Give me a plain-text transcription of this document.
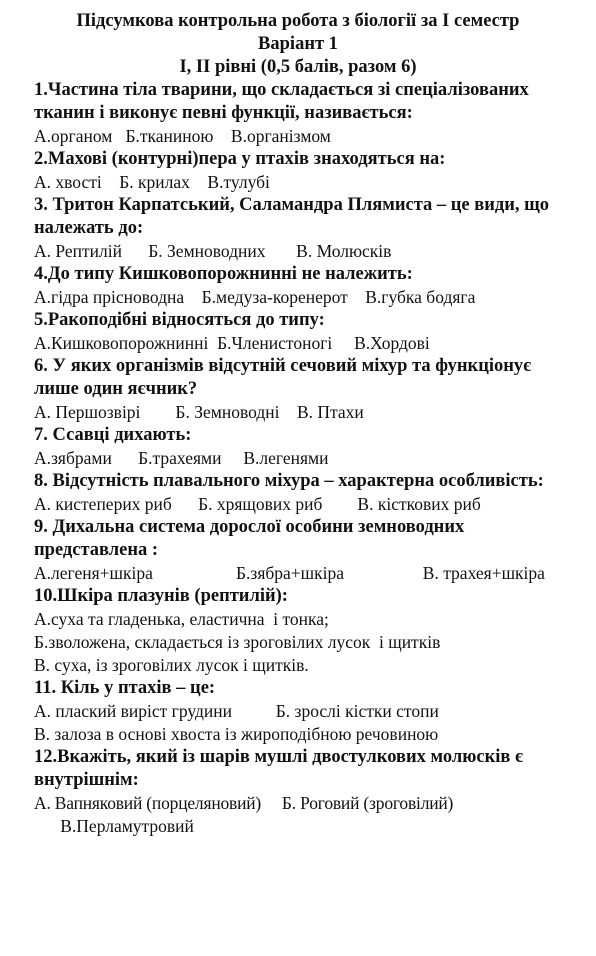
Підсумкова контрольна робота з біології за I семестр
Варіант 1
I, II рівні (0,5 балів, разом 6)
1.Частина тіла тварини, що складається зі спеціалізованих тканин і виконує певні функції, називається:
А.органом   Б.тканиною    В.організмом
2.Махові (контурні)пера у птахів знаходяться на:
А. хвості    Б. крилах    В.тулубі
3. Тритон Карпатський, Саламандра Плямиста – це види, що належать до:
А. Рептилій      Б. Земноводних       В. Молюсків
4.До типу Кишковопорожнинні не належить:
А.гідра прісноводна    Б.медуза-коренерот    В.губка бодяга
5.Ракоподібні відносяться до типу:
А.Кишковопорожнинні  Б.Членистоногі     В.Хордові
6. У яких організмів відсутній сечовий міхур та функціонує лише один яєчник?
А. Першозвірі        Б. Земноводні    В. Птахи
7. Ссавці дихають:
А.зябрами      Б.трахеями     В.легенями
8. Відсутність плавального міхура – характерна особливість:
А. кистеперих риб      Б. хрящових риб        В. кісткових риб
9. Дихальна система дорослої особини земноводних представлена :
А.легеня+шкіра                   Б.зябра+шкіра                  В. трахея+шкіра
10.Шкіра плазунів (рептилій):
А.суха та гладенька, еластична  і тонка;
Б.зволожена, складається із зроговілих лусок  і щитків
В. суха, із зроговілих лусок і щитків.
11. Кіль у птахів – це:
А. плаский виріст грудини          Б. зрослі кістки стопи
В. залоза в основі хвоста із жироподібною речовиною
12.Вкажіть, який із шарів мушлі двостулкових молюсків є внутрішнім:
А. Вапняковий (порцеляновий)     Б. Роговий (зроговілий)
В.Перламутровий
